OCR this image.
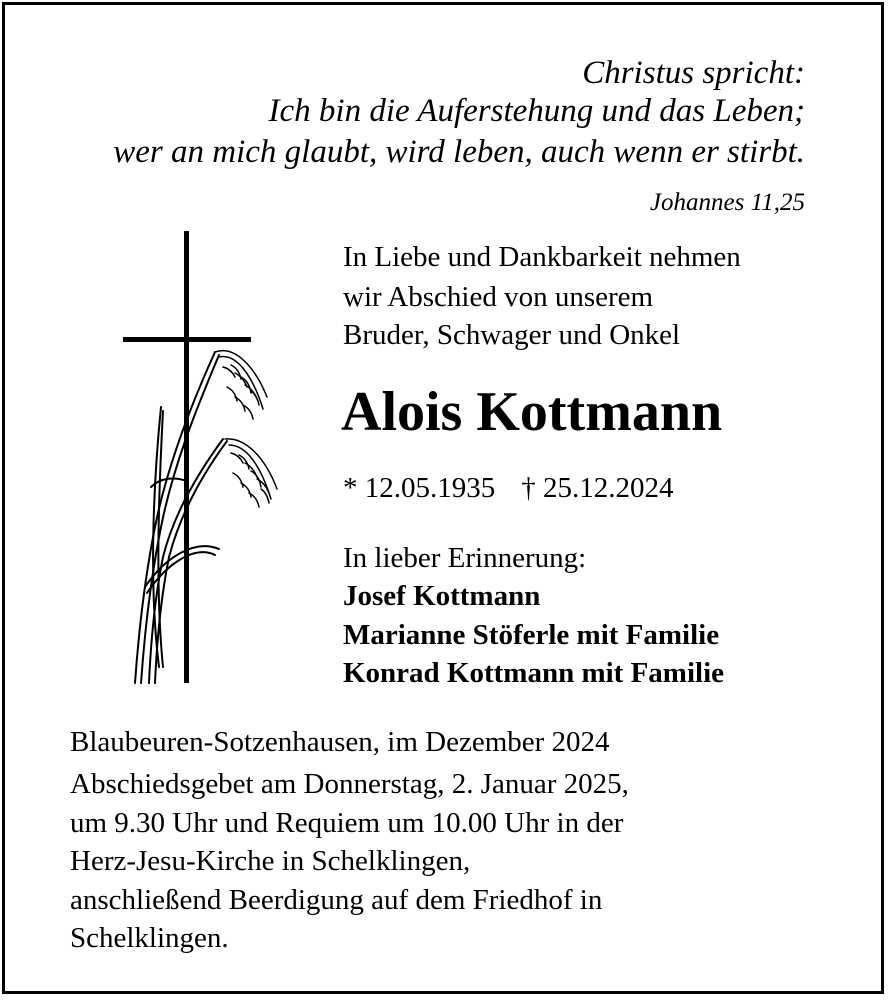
Christus spricht:
Ich bin die Auferstehung und das Leben;
wer an mich glaubt, wird leben, auch wenn er stirbt.
Johannes 11,25
In Liebe und Dankbarkeit nehmen
wir Abschied von unserem
Bruder, Schwager und Onkel
Alois Kottmann
* 12.05.1935 † 25.12.2024
In lieber Erinnerung:
Josef Kottmann
Marianne Stöferle mit Familie
Konrad Kottmann mit Familie
Blaubeuren-Sotzenhausen, im Dezember 2024
Abschiedsgebet am Donnerstag, 2. Januar 2025,
um 9.30 Uhr und Requiem um 10.00 Uhr in der
Herz-Jesu-Kirche in Schelklingen,
anschließend Beerdigung auf dem Friedhof in
Schelklingen.
